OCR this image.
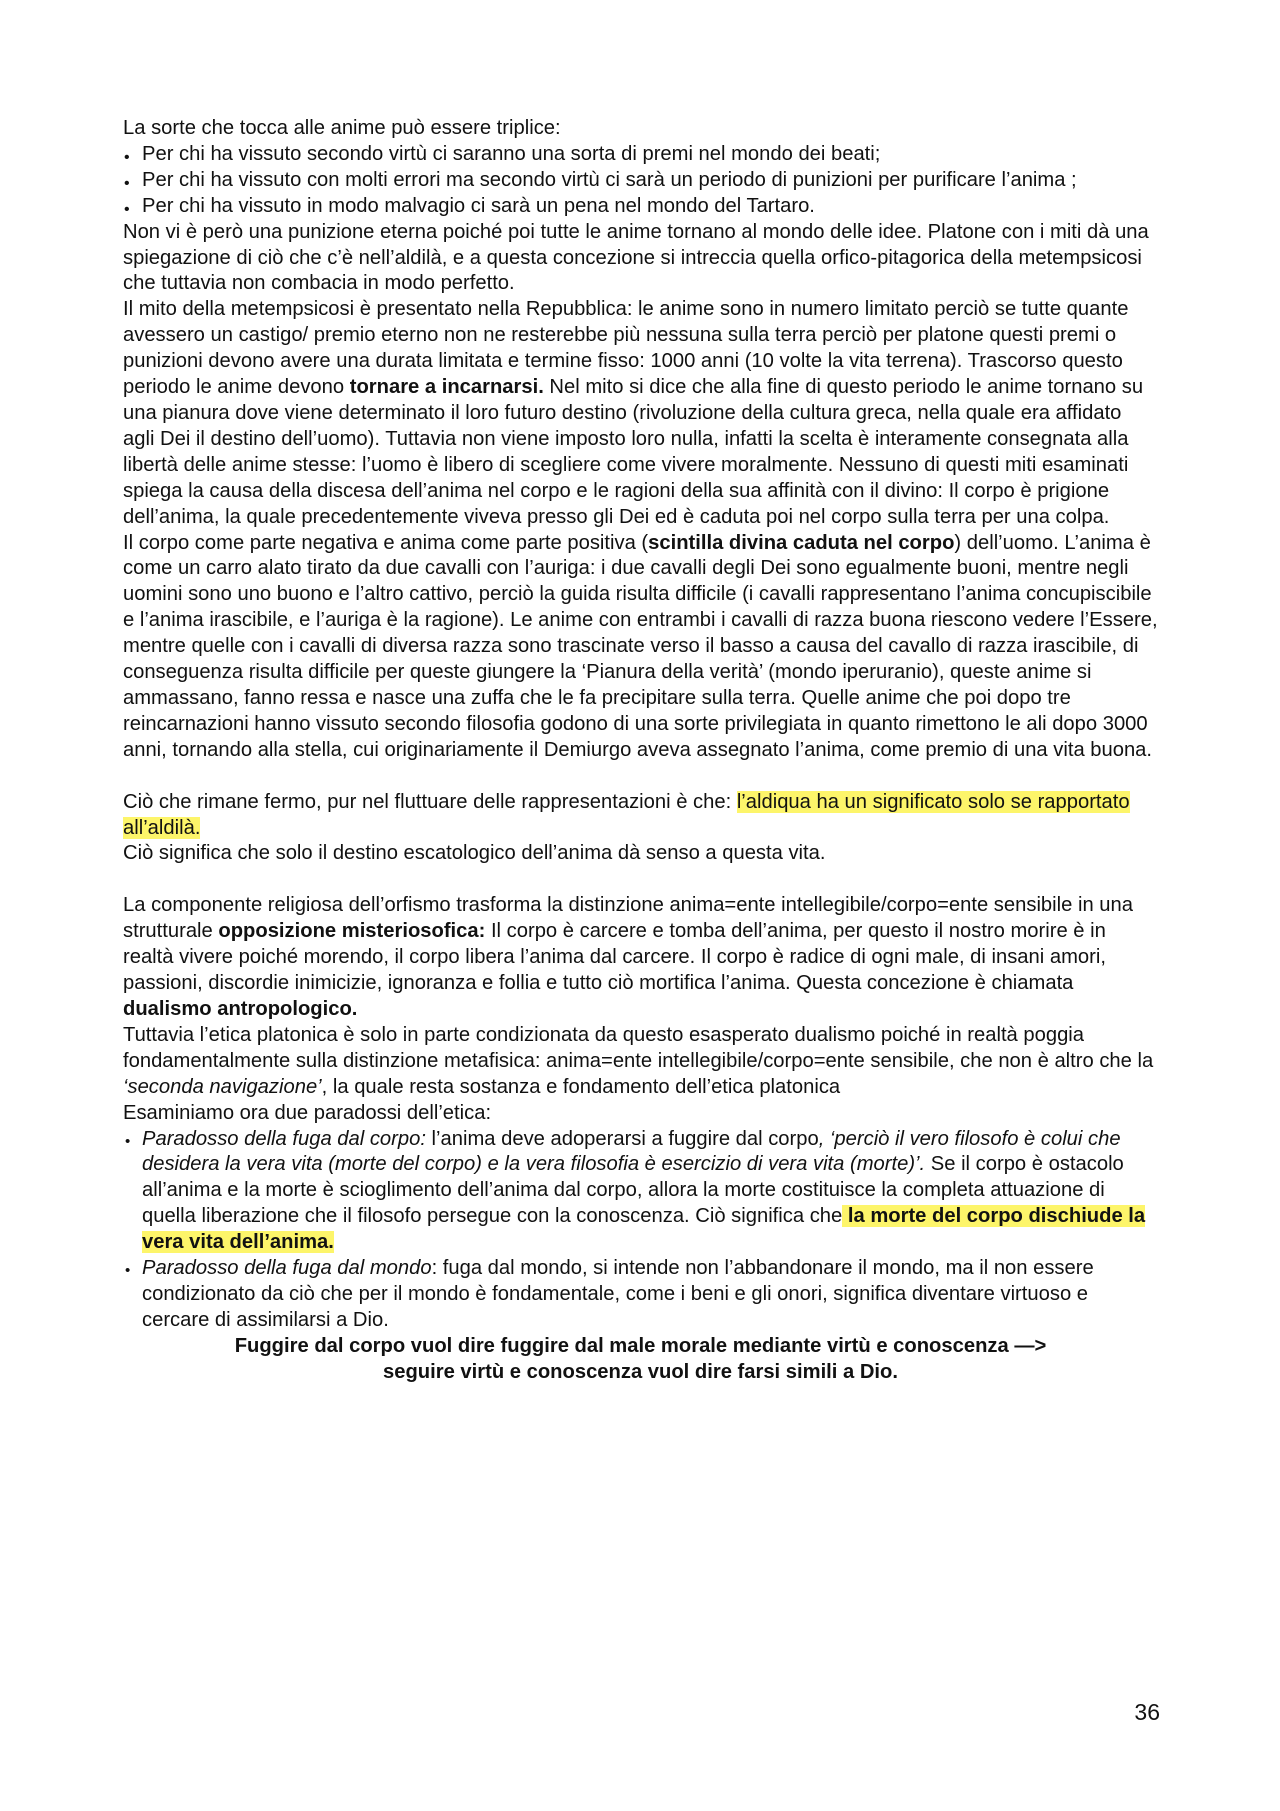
La sorte che tocca alle anime può essere triplice:

• Per chi ha vissuto secondo virtù ci saranno una sorta di premi nel mondo dei beati;
• Per chi ha vissuto con molti errori ma secondo virtù ci sarà un periodo di punizioni per purificare l’anima ;
• Per chi ha vissuto in modo malvagio ci sarà un pena nel mondo del Tartaro.

Non vi è però una punizione eterna poiché poi tutte le anime tornano al mondo delle idee. Platone con i miti dà una spiegazione di ciò che c’è nell’aldilà, e a questa concezione si intreccia quella orfico-pitagorica della metempsicosi che tuttavia non combacia in modo perfetto.

Il mito della metempsicosi è presentato nella Repubblica: le anime sono in numero limitato perciò se tutte quante avessero un castigo/ premio eterno non ne resterebbe più nessuna sulla terra perciò per platone questi premi o punizioni devono avere una durata limitata e termine fisso: 1000 anni (10 volte la vita terrena). Trascorso questo periodo le anime devono tornare a incarnarsi. Nel mito si dice che alla fine di questo periodo le anime tornano su una pianura dove viene determinato il loro futuro destino (rivoluzione della cultura greca, nella quale era affidato agli Dei il destino dell’uomo). Tuttavia non viene imposto loro nulla, infatti la scelta è interamente consegnata alla libertà delle anime stesse: l’uomo è libero di scegliere come vivere moralmente. Nessuno di questi miti esaminati spiega la causa della discesa dell’anima nel corpo e le ragioni della sua affinità con il divino: Il corpo è prigione dell’anima, la quale precedentemente viveva presso gli Dei ed è caduta poi nel corpo sulla terra per una colpa.

Il corpo come parte negativa e anima come parte positiva (scintilla divina caduta nel corpo) dell’uomo. L’anima è come un carro alato tirato da due cavalli con l’auriga: i due cavalli degli Dei sono egualmente buoni, mentre negli uomini sono uno buono e l’altro cattivo, perciò la guida risulta difficile (i cavalli rappresentano l’anima concupiscibile e l’anima irascibile, e l’auriga è la ragione). Le anime con entrambi i cavalli di razza buona riescono vedere l’Essere, mentre quelle con i cavalli di diversa razza sono trascinate verso il basso a causa del cavallo di razza irascibile, di conseguenza risulta difficile per queste giungere la ‘Pianura della verità’ (mondo iperuranio), queste anime si ammassano, fanno ressa e nasce una zuffa che le fa precipitare sulla terra. Quelle anime che poi dopo tre reincarnazioni hanno vissuto secondo filosofia godono di una sorte privilegiata in quanto rimettono le ali dopo 3000 anni, tornando alla stella, cui originariamente il Demiurgo aveva assegnato l’anima, come premio di una vita buona.

Ciò che rimane fermo, pur nel fluttuare delle rappresentazioni è che: l’aldiqua ha un significato solo se rapportato all’aldilà.

Ciò significa che solo il destino escatologico dell’anima dà senso a questa vita.

La componente religiosa dell’orfismo trasforma la distinzione anima=ente intellegibile/corpo=ente sensibile in una strutturale opposizione misteriosofica: Il corpo è carcere e tomba dell’anima, per questo il nostro morire è in realtà vivere poiché morendo, il corpo libera l’anima dal carcere. Il corpo è radice di ogni male, di insani amori, passioni, discordie inimicizie, ignoranza e follia e tutto ciò mortifica l’anima. Questa concezione è chiamata dualismo antropologico.

Tuttavia l’etica platonica è solo in parte condizionata da questo esasperato dualismo poiché in realtà poggia fondamentalmente sulla distinzione metafisica: anima=ente intellegibile/corpo=ente sensibile, che non è altro che la ‘seconda navigazione’, la quale resta sostanza e fondamento dell’etica platonica

Esaminiamo ora due paradossi dell’etica:

• Paradosso della fuga dal corpo: l’anima deve adoperarsi a fuggire dal corpo, ‘perciò il vero filosofo è colui che desidera la vera vita (morte del corpo) e la vera filosofia è esercizio di vera vita (morte)’. Se il corpo è ostacolo all’anima e la morte è scioglimento dell’anima dal corpo, allora la morte costituisce la completa attuazione di quella liberazione che il filosofo persegue con la conoscenza. Ciò significa che la morte del corpo dischiude la vera vita dell’anima.
• Paradosso della fuga dal mondo: fuga dal mondo, si intende non l’abbandonare il mondo, ma il non essere condizionato da ciò che per il mondo è fondamentale, come i beni e gli onori, significa diventare virtuoso e cercare di assimilarsi a Dio.

Fuggire dal corpo vuol dire fuggire dal male morale mediante virtù e conoscenza —>

seguire virtù e conoscenza vuol dire farsi simili a Dio.

36
